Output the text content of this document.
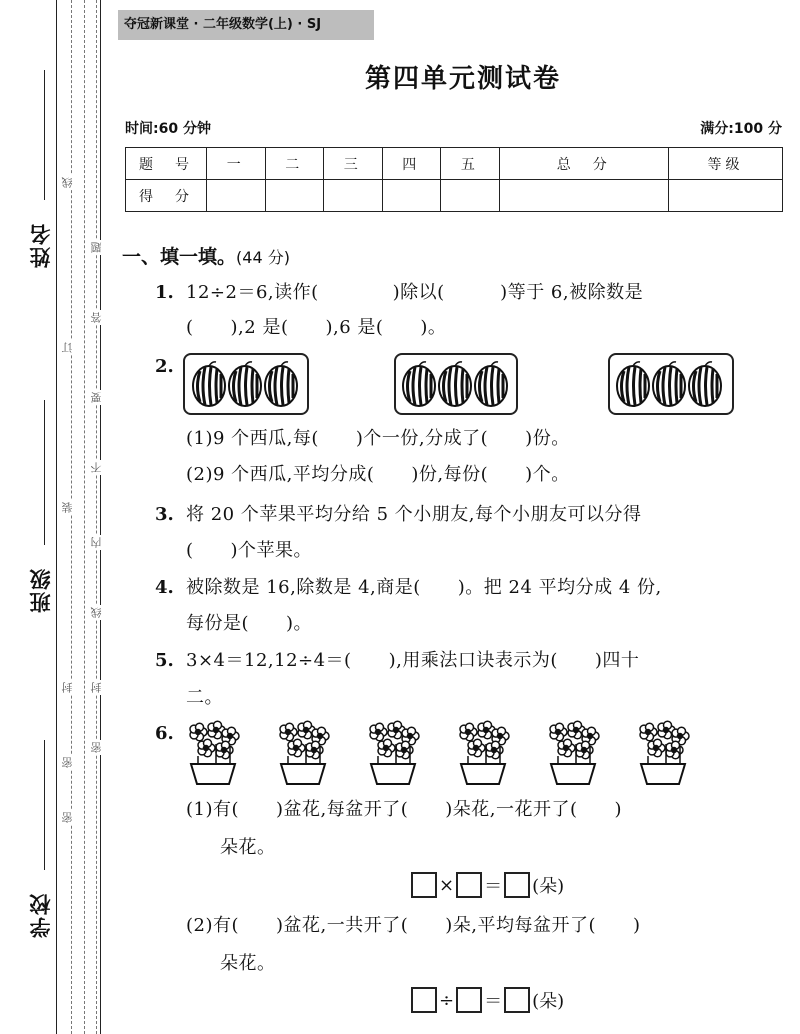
姓名
班级
学校
线
题
答
订
要
不
装
内
线
封 封
密
密
密
夺冠新课堂 · 二年级数学(上) · SJ
第四单元测试卷
时间:60 分钟	满分:100 分
题　号	一	二	三	四	五	总　分	等级
得　分							
一、填一填。(44 分)
1. 12÷2＝6,读作(　　　　)除以(　　　)等于 6,被除数是
(　　),2 是(　　),6 是(　　)。
2.
(1)9 个西瓜,每(　　)个一份,分成了(　　)份。
(2)9 个西瓜,平均分成(　　)份,每份(　　)个。
3. 将 20 个苹果平均分给 5 个小朋友,每个小朋友可以分得
(　　)个苹果。
4. 被除数是 16,除数是 4,商是(　　)。把 24 平均分成 4 份,
每份是(　　)。
5. 3×4＝12,12÷4＝(　　),用乘法口诀表示为(　　)四十
二。
6.
(1)有(　　)盆花,每盆开了(　　)朵花,一花开了(　　)
朵花。
× ＝ (朵)
(2)有(　　)盆花,一共开了(　　)朵,平均每盆开了(　　)
朵花。
÷ ＝ (朵)
